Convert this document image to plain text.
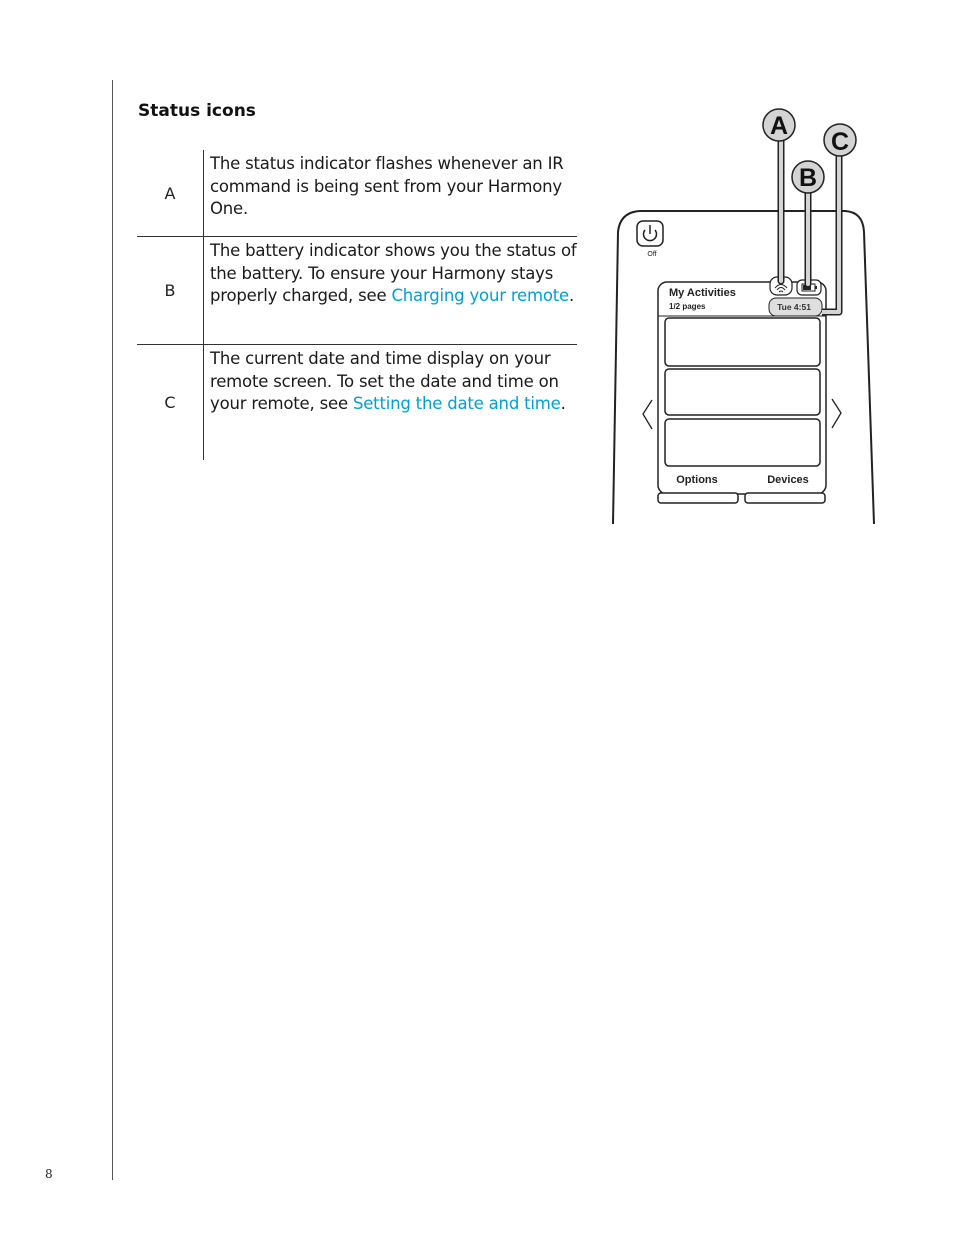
Status icons
A
The status indicator flashes whenever an IR command is being sent from your Harmony One.
B
The battery indicator shows you the status of the battery. To ensure your Harmony stays properly charged, see Charging your remote.
C
The current date and time display on your remote screen. To set the date and time on your remote, see Setting the date and time.
Off
My Activities
1/2 pages	Tue 4:51
A
B
C
Options	Devices
8
